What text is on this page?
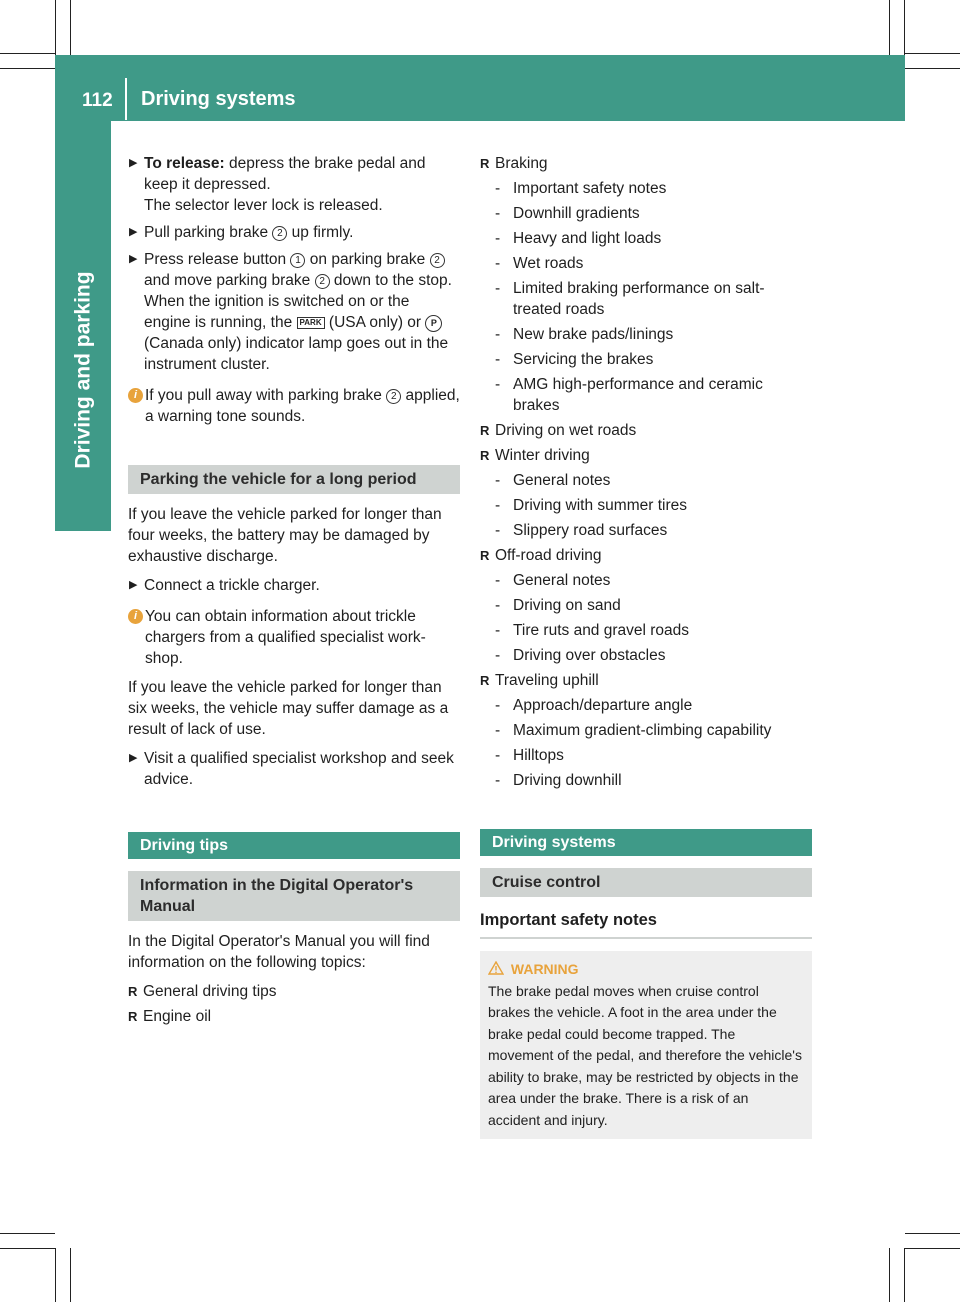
112 Driving systems
Driving and parking
▶ To release: depress the brake pedal and keep it depressed.
The selector lever lock is released.
▶ Pull parking brake 2 up firmly.
▶ Press release button 1 on parking brake 2 and move parking brake 2 down to the stop.
When the ignition is switched on or the engine is running, the PARK (USA only) or P (Canada only) indicator lamp goes out in the instrument cluster.
i If you pull away with parking brake 2 applied, a warning tone sounds.
Parking the vehicle for a long period

If you leave the vehicle parked for longer than four weeks, the battery may be damaged by exhaustive discharge.

▶ Connect a trickle charger.
i You can obtain information about trickle chargers from a qualified specialist work-shop.

If you leave the vehicle parked for longer than six weeks, the vehicle may suffer damage as a result of lack of use.

▶ Visit a qualified specialist workshop and seek advice.
Driving tips
Information in the Digital Operator's Manual

In the Digital Operator's Manual you will find information on the following topics:

R General driving tips
R Engine oil
R Braking
- Important safety notes
- Downhill gradients
- Heavy and light loads
- Wet roads
- Limited braking performance on salt-treated roads
- New brake pads/linings
- Servicing the brakes
- AMG high-performance and ceramic brakes
R Driving on wet roads
R Winter driving
- General notes
- Driving with summer tires
- Slippery road surfaces
R Off-road driving
- General notes
- Driving on sand
- Tire ruts and gravel roads
- Driving over obstacles
R Traveling uphill
- Approach/departure angle
- Maximum gradient-climbing capability
- Hilltops
- Driving downhill
Driving systems
Cruise control
Important safety notes
WARNING
The brake pedal moves when cruise control brakes the vehicle. A foot in the area under the brake pedal could become trapped. The movement of the pedal, and therefore the vehicle's ability to brake, may be restricted by objects in the area under the brake. There is a risk of an accident and injury.
